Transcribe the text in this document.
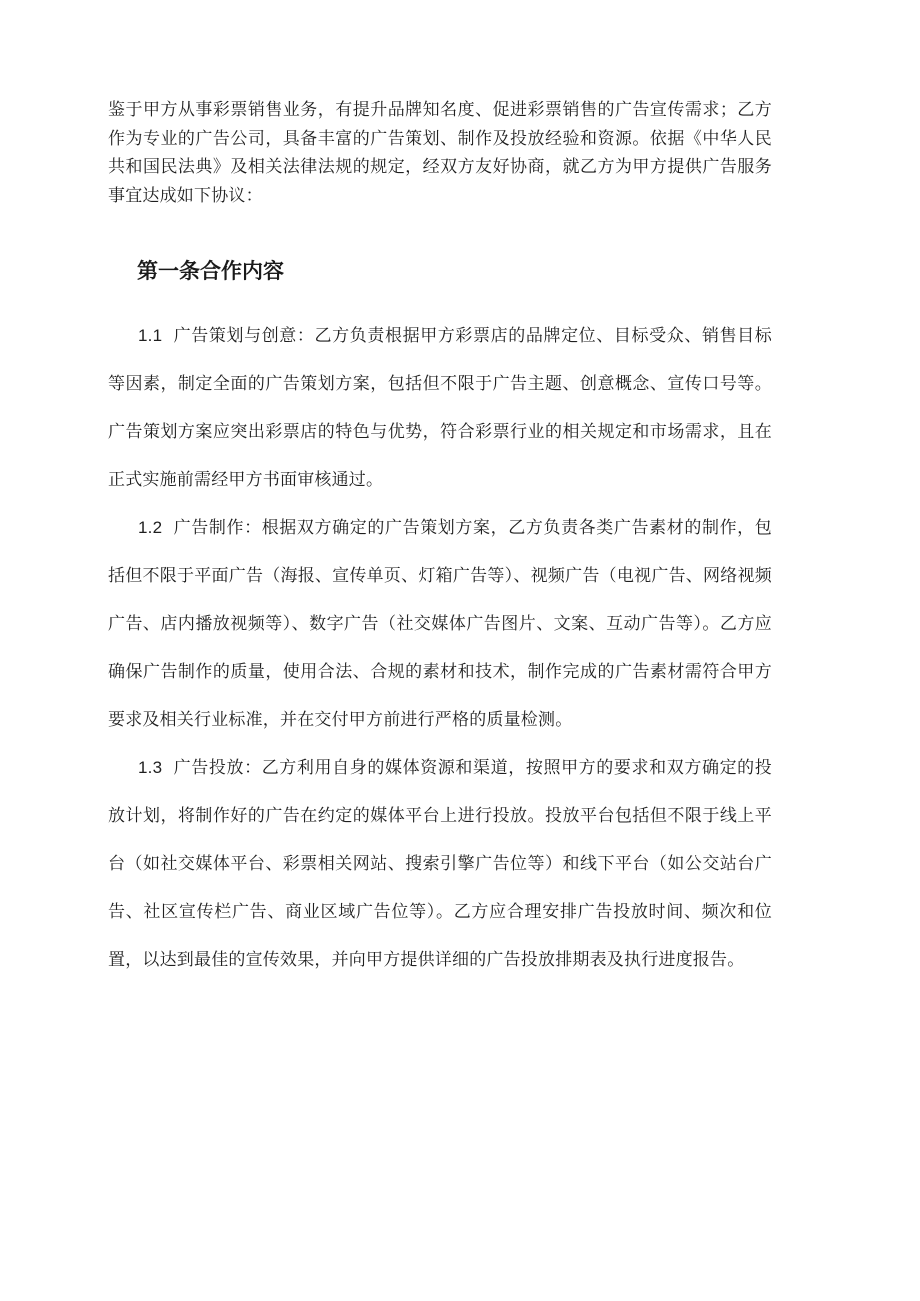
鉴于甲方从事彩票销售业务，有提升品牌知名度、促进彩票销售的广告宣传需求；乙方作为专业的广告公司，具备丰富的广告策划、制作及投放经验和资源。依据《中华人民共和国民法典》及相关法律法规的规定，经双方友好协商，就乙方为甲方提供广告服务事宜达成如下协议：

第一条合作内容

1.1 广告策划与创意：乙方负责根据甲方彩票店的品牌定位、目标受众、销售目标等因素，制定全面的广告策划方案，包括但不限于广告主题、创意概念、宣传口号等。广告策划方案应突出彩票店的特色与优势，符合彩票行业的相关规定和市场需求，且在正式实施前需经甲方书面审核通过。

1.2 广告制作：根据双方确定的广告策划方案，乙方负责各类广告素材的制作，包括但不限于平面广告（海报、宣传单页、灯箱广告等）、视频广告（电视广告、网络视频广告、店内播放视频等）、数字广告（社交媒体广告图片、文案、互动广告等）。乙方应确保广告制作的质量，使用合法、合规的素材和技术，制作完成的广告素材需符合甲方要求及相关行业标准，并在交付甲方前进行严格的质量检测。

1.3 广告投放：乙方利用自身的媒体资源和渠道，按照甲方的要求和双方确定的投放计划，将制作好的广告在约定的媒体平台上进行投放。投放平台包括但不限于线上平台（如社交媒体平台、彩票相关网站、搜索引擎广告位等）和线下平台（如公交站台广告、社区宣传栏广告、商业区域广告位等）。乙方应合理安排广告投放时间、频次和位置，以达到最佳的宣传效果，并向甲方提供详细的广告投放排期表及执行进度报告。
